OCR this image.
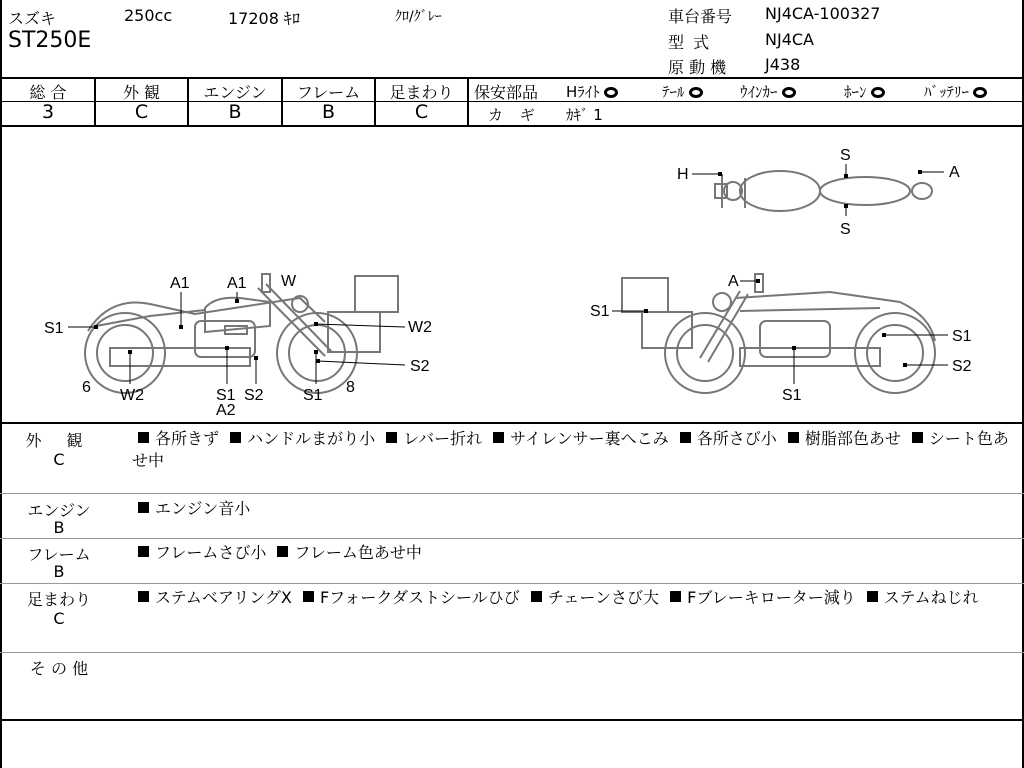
スズキ	250cc	17208 ｷﾛ	ｸﾛ/ｸﾞﾚｰ
ST250E
車台番号 NJ4CA-100327
型 式	NJ4CA
原 動 機 J438
総 合	外 観	エンジン	フレーム	足まわり
3	C	B	B	C
保安部品 Hﾗｲﾄ	ﾃｰﾙ	ｳｲﾝｶｰ	ﾎｰﾝ	ﾊﾞｯﾃﾘｰ
カ ギ ｶｷﾞ 1
S1
A1 A1 W
W2
S2
6 W2	S1
A2
S2 S1 8
S1
A
S1
S2
S1
H
S
A
S
外 観
C
各所きず ハンドルまがり小 レバー折れ サイレンサー裏へこみ 各所さび小 樹脂部色あせ シート色あせ中
エンジン
B
エンジン音小
フレーム
B
フレームさび小 フレーム色あせ中
足まわり
C
ステムベアリングX Fフォークダストシールひび チェーンさび大 Fブレーキローター減り ステムねじれ
そ の 他
